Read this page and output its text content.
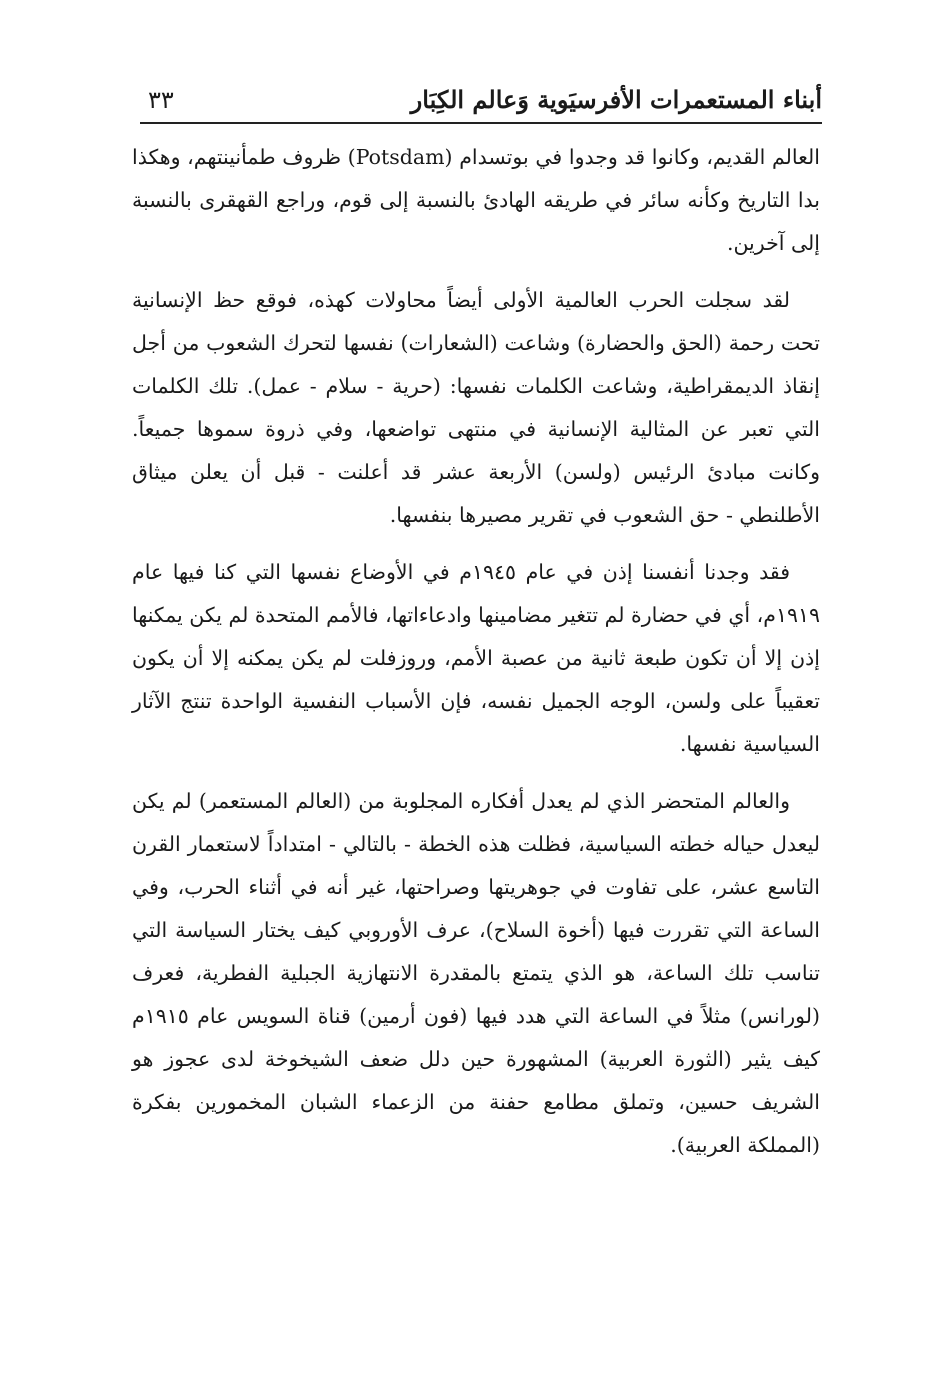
أبناء المستعمرات الأفرسيَوية وَعالم الكِبَار
٣٣

العالم القديم، وكانوا قد وجدوا في بوتسدام (Potsdam) ظروف طمأنينتهم، وهكذا بدا التاريخ وكأنه سائر في طريقه الهادئ بالنسبة إلى قوم، وراجع القهقرى بالنسبة إلى آخرين.

لقد سجلت الحرب العالمية الأولى أيضاً محاولات كهذه، فوقع حظ الإنسانية تحت رحمة (الحق والحضارة) وشاعت (الشعارات) نفسها لتحرك الشعوب من أجل إنقاذ الديمقراطية، وشاعت الكلمات نفسها: (حرية - سلام - عمل). تلك الكلمات التي تعبر عن المثالية الإنسانية في منتهى تواضعها، وفي ذروة سموها جميعاً. وكانت مبادئ الرئيس (ولسن) الأربعة عشر قد أعلنت - قبل أن يعلن ميثاق الأطلنطي - حق الشعوب في تقرير مصيرها بنفسها.

فقد وجدنا أنفسنا إذن في عام ١٩٤٥م في الأوضاع نفسها التي كنا فيها عام ١٩١٩م، أي في حضارة لم تتغير مضامينها وادعاءاتها، فالأمم المتحدة لم يكن يمكنها إذن إلا أن تكون طبعة ثانية من عصبة الأمم، وروزفلت لم يكن يمكنه إلا أن يكون تعقيباً على ولسن، الوجه الجميل نفسه، فإن الأسباب النفسية الواحدة تنتج الآثار السياسية نفسها.

والعالم المتحضر الذي لم يعدل أفكاره المجلوبة من (العالم المستعمر) لم يكن ليعدل حياله خطته السياسية، فظلت هذه الخطة - بالتالي - امتداداً لاستعمار القرن التاسع عشر، على تفاوت في جوهريتها وصراحتها، غير أنه في أثناء الحرب، وفي الساعة التي تقررت فيها (أخوة السلاح)، عرف الأوروبي كيف يختار السياسة التي تناسب تلك الساعة، هو الذي يتمتع بالمقدرة الانتهازية الجبلية الفطرية، فعرف (لورانس) مثلاً في الساعة التي هدد فيها (فون أرمين) قناة السويس عام ١٩١٥م كيف يثير (الثورة العربية) المشهورة حين دلل ضعف الشيخوخة لدى عجوز هو الشريف حسين، وتملق مطامع حفنة من الزعماء الشبان المخمورين بفكرة (المملكة العربية).
